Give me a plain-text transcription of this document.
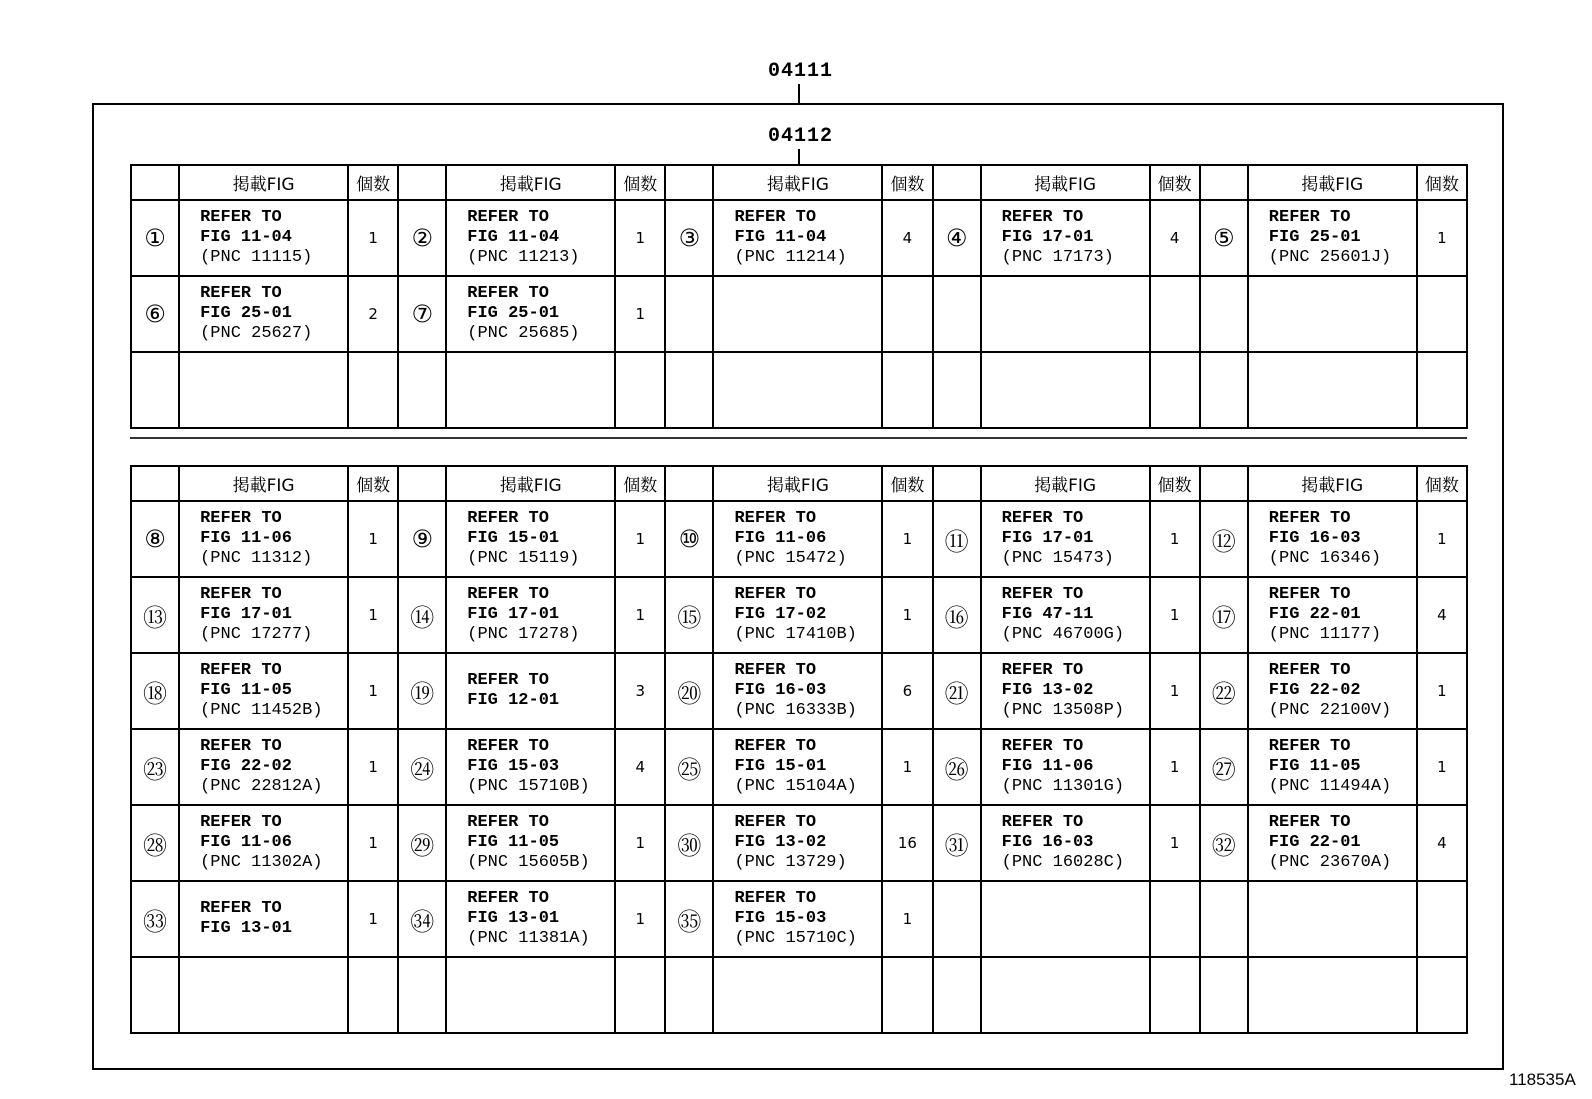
04111
04112
	掲載FIG	個数		掲載FIG	個数		掲載FIG	個数		掲載FIG	個数		掲載FIG	個数
①	REFER TO
FIG 11-04
(PNC 11115)	1	②	REFER TO
FIG 11-04
(PNC 11213)	1	③	REFER TO
FIG 11-04
(PNC 11214)	4	④	REFER TO
FIG 17-01
(PNC 17173)	4	⑤	REFER TO
FIG 25-01
(PNC 25601J)	1
⑥	REFER TO
FIG 25-01
(PNC 25627)	2	⑦	REFER TO
FIG 25-01
(PNC 25685)	1		

	掲載FIG	個数		掲載FIG	個数		掲載FIG	個数		掲載FIG	個数		掲載FIG	個数
⑧	REFER TO
FIG 11-06
(PNC 11312)	1	⑨	REFER TO
FIG 15-01
(PNC 15119)	1	⑩	REFER TO
FIG 11-06
(PNC 15472)	1	⑪	REFER TO
FIG 17-01
(PNC 15473)	1	⑫	REFER TO
FIG 16-03
(PNC 16346)	1
⑬	REFER TO
FIG 17-01
(PNC 17277)	1	⑭	REFER TO
FIG 17-01
(PNC 17278)	1	⑮	REFER TO
FIG 17-02
(PNC 17410B)	1	⑯	REFER TO
FIG 47-11
(PNC 46700G)	1	⑰	REFER TO
FIG 22-01
(PNC 11177)	4
⑱	REFER TO
FIG 11-05
(PNC 11452B)	1	⑲	REFER TO
FIG 12-01	3	⑳	REFER TO
FIG 16-03
(PNC 16333B)	6	㉑	REFER TO
FIG 13-02
(PNC 13508P)	1	㉒	REFER TO
FIG 22-02
(PNC 22100V)	1
㉓	REFER TO
FIG 22-02
(PNC 22812A)	1	㉔	REFER TO
FIG 15-03
(PNC 15710B)	4	㉕	REFER TO
FIG 15-01
(PNC 15104A)	1	㉖	REFER TO
FIG 11-06
(PNC 11301G)	1	㉗	REFER TO
FIG 11-05
(PNC 11494A)	1
㉘	REFER TO
FIG 11-06
(PNC 11302A)	1	㉙	REFER TO
FIG 11-05
(PNC 15605B)	1	㉚	REFER TO
FIG 13-02
(PNC 13729)	16	㉛	REFER TO
FIG 16-03
(PNC 16028C)	1	㉜	REFER TO
FIG 22-01
(PNC 23670A)	4
㉝	REFER TO
FIG 13-01	1	㉞	REFER TO
FIG 13-01
(PNC 11381A)	1	㉟	REFER TO
FIG 15-03
(PNC 15710C)	1		

118535A
